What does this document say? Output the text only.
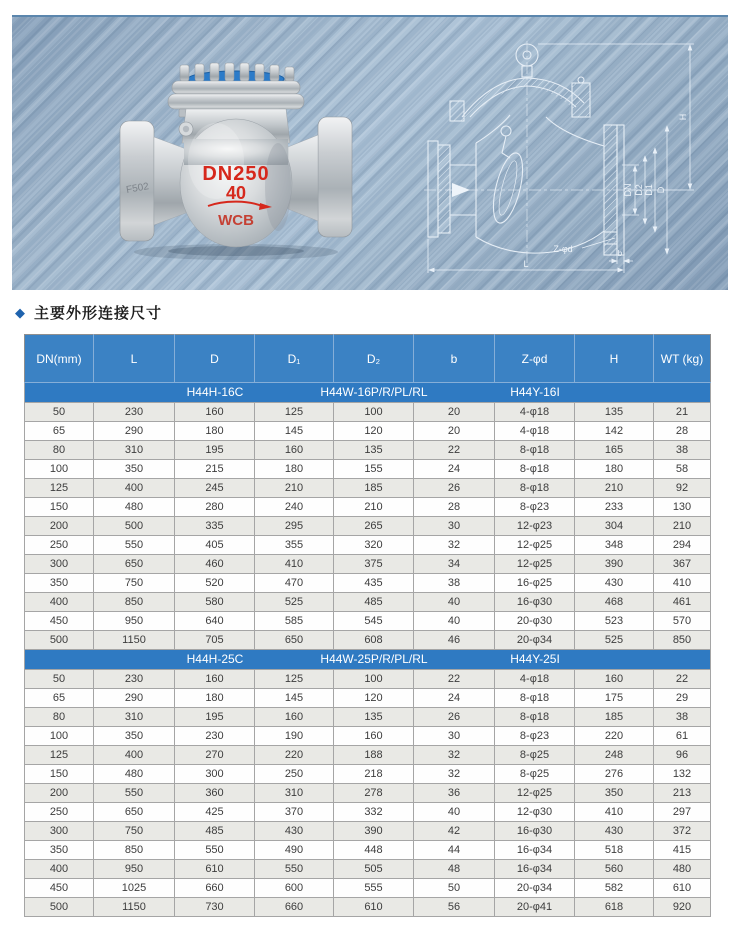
DN250
40
WCB
F502	DN D2 D1 D
H
Z-φd	b
L
◆ 主要外形连接尺寸
DN(mm)	L	D	D₁	D₂	b	Z-φd	H	WT (kg)

H44H-16C H44W-16P/R/PL/RL H44Y-16I								

50	230	160	125	100	20	4-φ18	135	21
65	290	180	145	120	20	4-φ18	142	28
80	310	195	160	135	22	8-φ18	165	38
100	350	215	180	155	24	8-φ18	180	58
125	400	245	210	185	26	8-φ18	210	92
150	480	280	240	210	28	8-φ23	233	130
200	500	335	295	265	30	12-φ23	304	210
250	550	405	355	320	32	12-φ25	348	294
300	650	460	410	375	34	12-φ25	390	367
350	750	520	470	435	38	16-φ25	430	410
400	850	580	525	485	40	16-φ30	468	461
450	950	640	585	545	40	20-φ30	523	570
500	1150	705	650	608	46	20-φ34	525	850

H44H-25C H44W-25P/R/PL/RL H44Y-25I								

50	230	160	125	100	22	4-φ18	160	22
65	290	180	145	120	24	8-φ18	175	29
80	310	195	160	135	26	8-φ18	185	38
100	350	230	190	160	30	8-φ23	220	61
125	400	270	220	188	32	8-φ25	248	96
150	480	300	250	218	32	8-φ25	276	132
200	550	360	310	278	36	12-φ25	350	213
250	650	425	370	332	40	12-φ30	410	297
300	750	485	430	390	42	16-φ30	430	372
350	850	550	490	448	44	16-φ34	518	415
400	950	610	550	505	48	16-φ34	560	480
450	1025	660	600	555	50	20-φ34	582	610
500	1150	730	660	610	56	20-φ41	618	920
